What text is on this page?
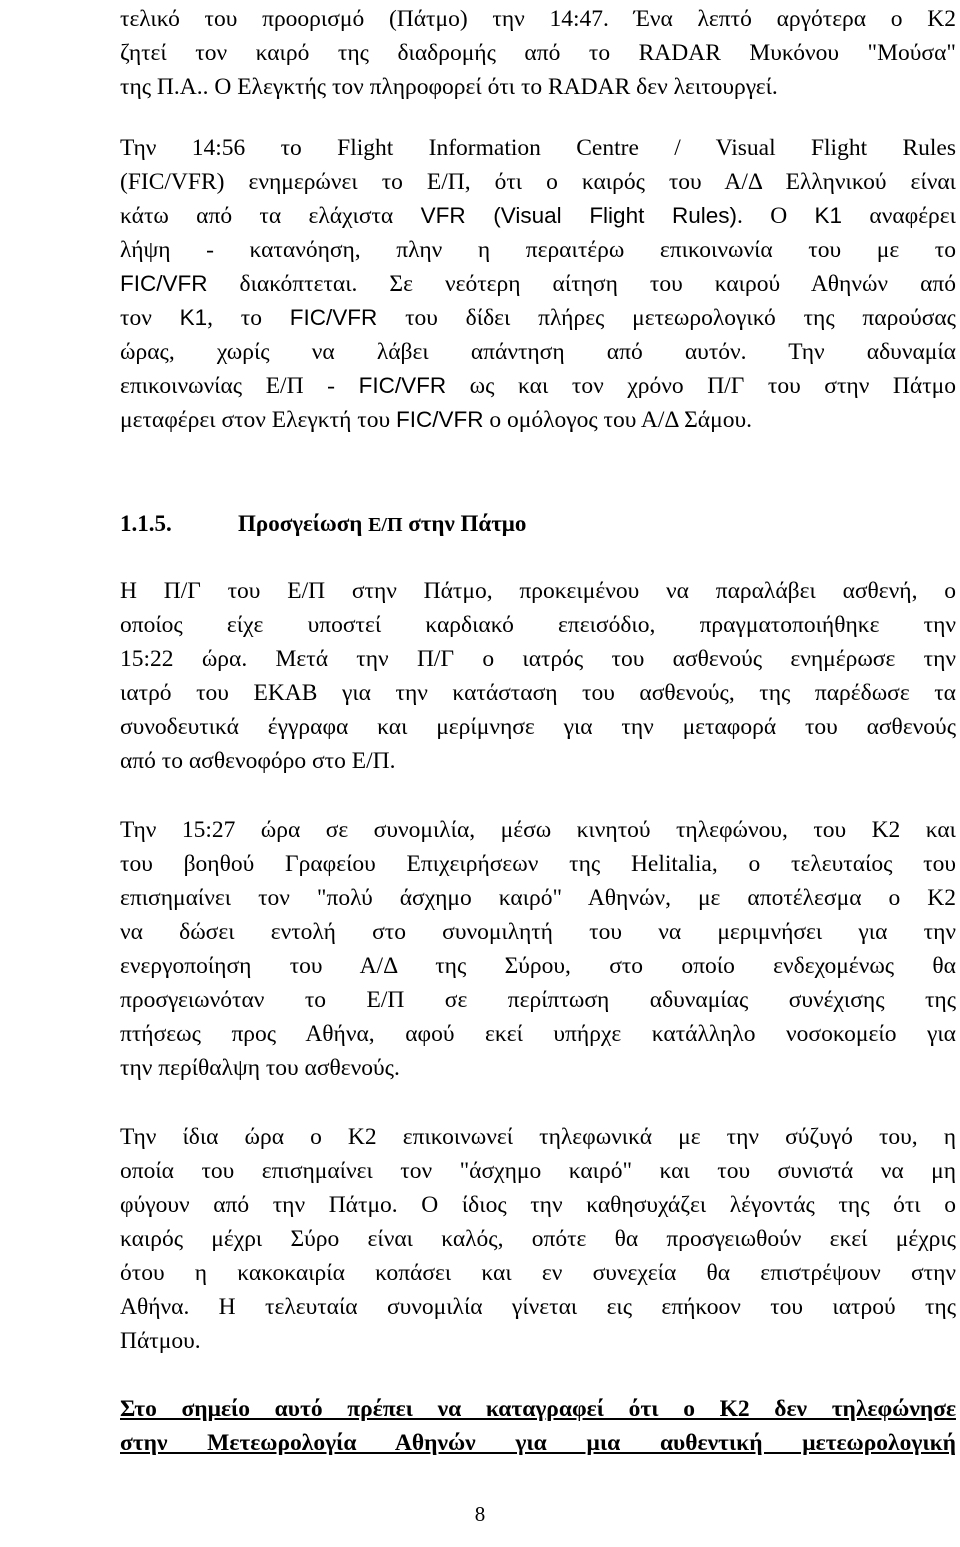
τελικό του προορισμό (Πάτμο) την 14:47. Ένα λεπτό αργότερα ο Κ2
ζητεί τον καιρό της διαδρομής από το RADAR Μυκόνου "Μούσα"
της Π.Α.. Ο Ελεγκτής τον πληροφορεί ότι το RADAR δεν λειτουργεί.

Την 14:56 το Flight Information Centre / Visual Flight Rules
(FIC/VFR) ενημερώνει το Ε/Π, ότι ο καιρός του Α/Δ Ελληνικού είναι
κάτω από τα ελάχιστα VFR (Visual Flight Rules). Ο Κ1 αναφέρει
λήψη - κατανόηση, πλην η περαιτέρω επικοινωνία του με το
FIC/VFR διακόπτεται. Σε νεότερη αίτηση του καιρού Αθηνών από
τον Κ1, το FIC/VFR του δίδει πλήρες μετεωρολογικό της παρούσας
ώρας, χωρίς να λάβει απάντηση από αυτόν. Την αδυναμία
επικοινωνίας Ε/Π - FIC/VFR ως και τον χρόνο Π/Γ του στην Πάτμο
μεταφέρει στον Ελεγκτή του FIC/VFR ο ομόλογος του Α/Δ Σάμου.

1.1.5.	Προσγείωση Ε/Π στην Πάτμο

Η Π/Γ του Ε/Π στην Πάτμο, προκειμένου να παραλάβει ασθενή, ο
οποίος είχε υποστεί καρδιακό επεισόδιο, πραγματοποιήθηκε την
15:22 ώρα. Μετά την Π/Γ ο ιατρός του ασθενούς ενημέρωσε την
ιατρό του ΕΚΑΒ για την κατάσταση του ασθενούς, της παρέδωσε τα
συνοδευτικά έγγραφα και μερίμνησε για την μεταφορά του ασθενούς
από το ασθενοφόρο στο Ε/Π.

Την 15:27 ώρα σε συνομιλία, μέσω κινητού τηλεφώνου, του Κ2 και
του βοηθού Γραφείου Επιχειρήσεων της Helitalia, ο τελευταίος του
επισημαίνει τον "πολύ άσχημο καιρό" Αθηνών, με αποτέλεσμα ο Κ2
να δώσει εντολή στο συνομιλητή του να μεριμνήσει για την
ενεργοποίηση του Α/Δ της Σύρου, στο οποίο ενδεχομένως θα
προσγειωνόταν το Ε/Π σε περίπτωση αδυναμίας συνέχισης της
πτήσεως προς Αθήνα, αφού εκεί υπήρχε κατάλληλο νοσοκομείο για
την περίθαλψη του ασθενούς.

Την ίδια ώρα ο Κ2 επικοινωνεί τηλεφωνικά με την σύζυγό του, η
οποία του επισημαίνει τον "άσχημο καιρό" και του συνιστά να μη
φύγουν από την Πάτμο. Ο ίδιος την καθησυχάζει λέγοντάς της ότι ο
καιρός μέχρι Σύρο είναι καλός, οπότε θα προσγειωθούν εκεί μέχρις
ότου η κακοκαιρία κοπάσει και εν συνεχεία θα επιστρέψουν στην
Αθήνα. Η τελευταία συνομιλία γίνεται εις επήκοον του ιατρού της
Πάτμου.

Στο σημείο αυτό πρέπει να καταγραφεί ότι ο Κ2 δεν τηλεφώνησε
στην Μετεωρολογία Αθηνών για μια αυθεντική μετεωρολογική

8
